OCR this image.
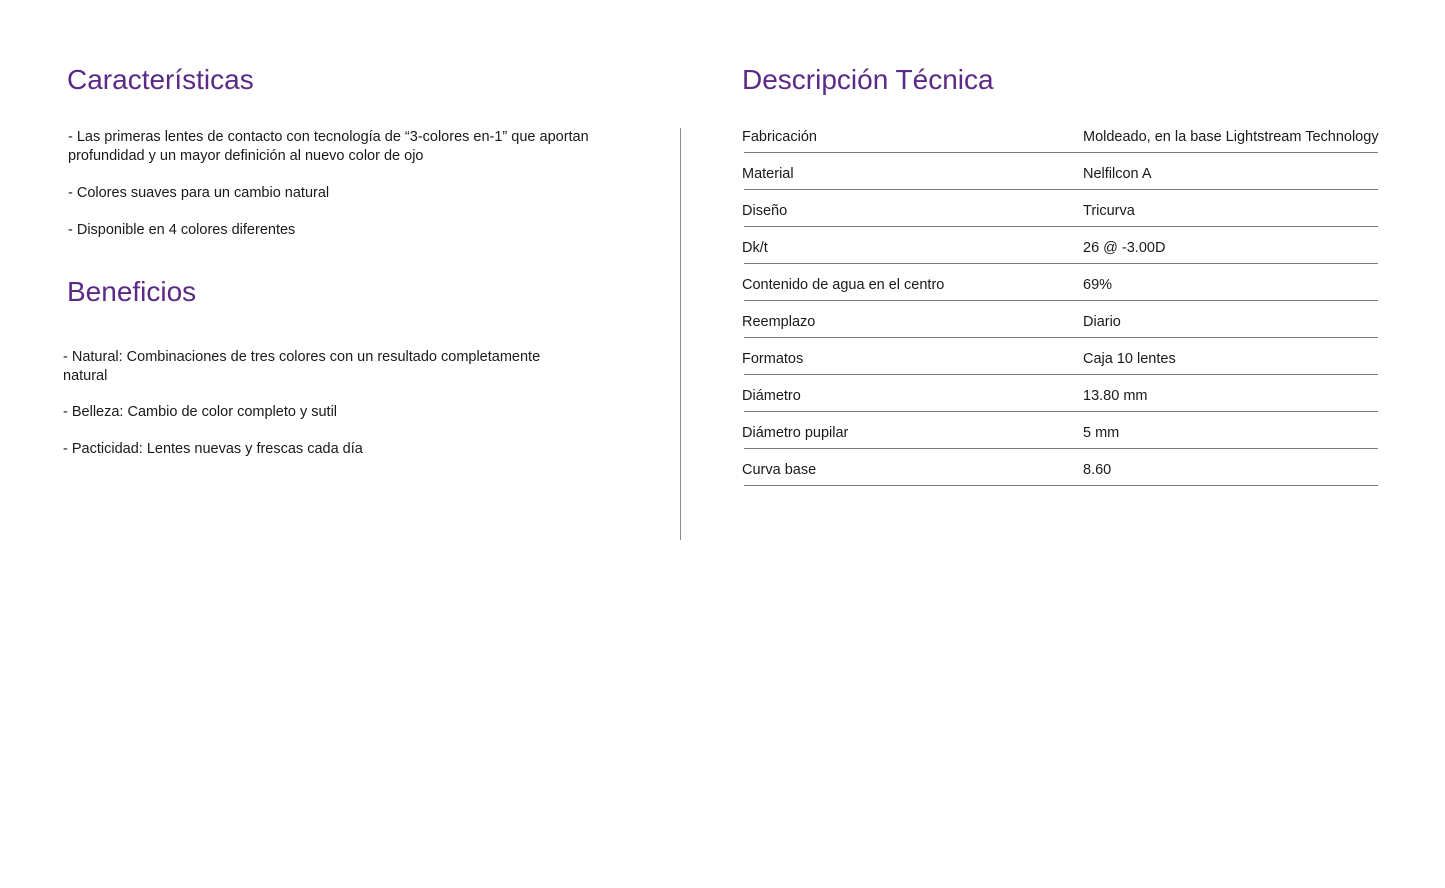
Características

- Las primeras lentes de contacto con tecnología de “3-colores en-1” que aportan profundidad y un mayor definición al nuevo color de ojo

- Colores suaves para un cambio natural

- Disponible en 4 colores diferentes

Beneficios

- Natural: Combinaciones de tres colores con un resultado completamente natural

- Belleza: Cambio de color completo y sutil

- Pacticidad: Lentes nuevas y frescas cada día

Descripción Técnica
Fabricación	Moldeado, en la base Lightstream Technology
Material	Nelfilcon A
Diseño	Tricurva
Dk/t	26 @ -3.00D
Contenido de agua en el centro	69%
Reemplazo	Diario
Formatos	Caja 10 lentes
Diámetro	13.80 mm
Diámetro pupilar	5 mm
Curva base	8.60
